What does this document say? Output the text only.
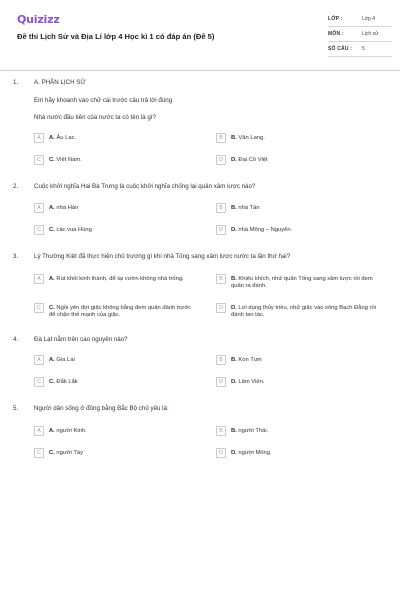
Quizizz
Đề thi Lịch Sử và Địa Lí lớp 4 Học kì 1 có đáp án (Đề 5)
LỚP :	Lớp 4
MÔN :	Lịch sử
SỐ CÂU : 5
1.	A. PHẦN LỊCH SỬ
Em hãy khoanh vào chữ cái trước câu trả lời đúng
Nhà nước đầu tiên của nước ta có tên là gì?
A	A. Âu Lạc.	B	B. Văn Lang.
C	C. Việt Nam.	D	D. Đại Cồ Việt
2.	Cuộc khởi nghĩa Hai Bà Trưng là cuộc khởi nghĩa chống lại quân xâm lược nào?
A	A. nhà Hán	B	B. nhà Tần
C	C. các vua Hùng	D	D. nhà Mông – Nguyên.
3.	Lý Thường Kiệt đã thực hiện chủ trương gì khi nhà Tống sang xâm lược nước ta lần thứ hai?
A	A. Rút khỏi kinh thành, để lại vườn không nhà trống.	B	B. Khiêu khích, nhử quân Tống sang xâm lược rồi đem quân ra đánh.
C	C. Ngồi yên đợi giặc không bằng đem quân đánh trước để chặn thế mạnh của giặc.
D	D. Lợi dụng thủy triều, nhử giặc vào sông Bạch Đằng rồi đánh tan tác.
4.	Đà Lạt nằm trên cao nguyên nào?
A	A. Gia Lai	B	B. Kon Tum
C	C. Đắk Lắk	D	D. Lâm Viên.
5.	Người dân sống ở đồng bằng Bắc Bộ chủ yếu là:
A	A. người Kinh.	B	B. người Thái.
C	C. người Tày	D	D. người Mông.
